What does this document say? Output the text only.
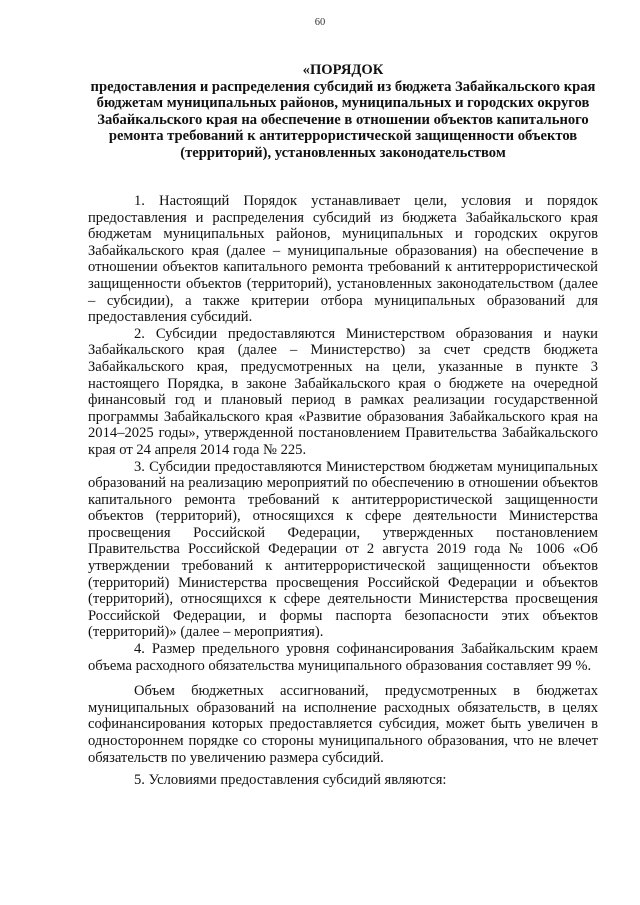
60
«ПОРЯДОК
предоставления и распределения субсидий из бюджета Забайкальского края бюджетам муниципальных районов, муниципальных и городских округов Забайкальского края на обеспечение в отношении объектов капитального ремонта требований к антитеррористической защищенности объектов (территорий), установленных законодательством

1. Настоящий Порядок устанавливает цели, условия и порядок предоставления и распределения субсидий из бюджета Забайкальского края бюджетам муниципальных районов, муниципальных и городских округов Забайкальского края (далее – муниципальные образования) на обеспечение в отношении объектов капитального ремонта требований к антитеррористической защищенности объектов (территорий), установленных законодательством (далее – субсидии), а также критерии отбора муниципальных образований для предоставления субсидий.

2. Субсидии предоставляются Министерством образования и науки Забайкальского края (далее – Министерство) за счет средств бюджета Забайкальского края, предусмотренных на цели, указанные в пункте 3 настоящего Порядка, в законе Забайкальского края о бюджете на очередной финансовый год и плановый период в рамках реализации государственной программы Забайкальского края «Развитие образования Забайкальского края на 2014–2025 годы», утвержденной постановлением Правительства Забайкальского края от 24 апреля 2014 года № 225.

3. Субсидии предоставляются Министерством бюджетам муниципальных образований на реализацию мероприятий по обеспечению в отношении объектов капитального ремонта требований к антитеррористической защищенности объектов (территорий), относящихся к сфере деятельности Министерства просвещения Российской Федерации, утвержденных постановлением Правительства Российской Федерации от 2 августа 2019 года № 1006 «Об утверждении требований к антитеррористической защищенности объектов (территорий) Министерства просвещения Российской Федерации и объектов (территорий), относящихся к сфере деятельности Министерства просвещения Российской Федерации, и формы паспорта безопасности этих объектов (территорий)» (далее – мероприятия).

4. Размер предельного уровня софинансирования Забайкальским краем объема расходного обязательства муниципального образования составляет 99 %.

Объем бюджетных ассигнований, предусмотренных в бюджетах муниципальных образований на исполнение расходных обязательств, в целях софинансирования которых предоставляется субсидия, может быть увеличен в одностороннем порядке со стороны муниципального образования, что не влечет обязательств по увеличению размера субсидий.

5. Условиями предоставления субсидий являются:
